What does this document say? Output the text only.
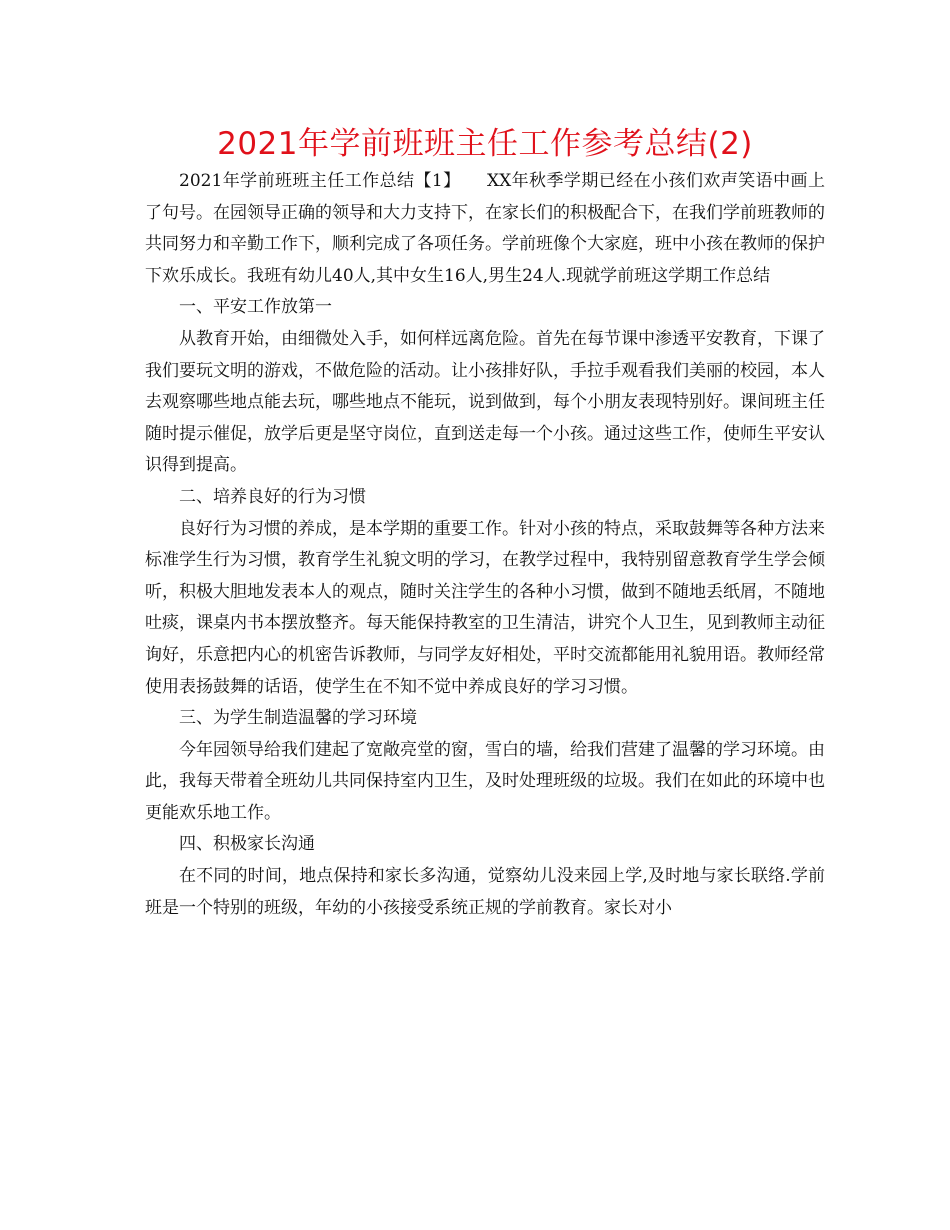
2021年学前班班主任工作参考总结(2)

2021年学前班班主任工作总结【1】　　XX年秋季学期已经在小孩们欢声笑语中画上了句号。在园领导正确的领导和大力支持下，在家长们的积极配合下，在我们学前班教师的共同努力和辛勤工作下，顺利完成了各项任务。学前班像个大家庭，班中小孩在教师的保护下欢乐成长。我班有幼儿40人,其中女生16人,男生24人.现就学前班这学期工作总结

一、平安工作放第一

从教育开始，由细微处入手，如何样远离危险。首先在每节课中渗透平安教育，下课了我们要玩文明的游戏，不做危险的活动。让小孩排好队，手拉手观看我们美丽的校园，本人去观察哪些地点能去玩，哪些地点不能玩，说到做到，每个小朋友表现特别好。课间班主任随时提示催促，放学后更是坚守岗位，直到送走每一个小孩。通过这些工作，使师生平安认识得到提高。

二、培养良好的行为习惯

良好行为习惯的养成，是本学期的重要工作。针对小孩的特点，采取鼓舞等各种方法来标准学生行为习惯，教育学生礼貌文明的学习，在教学过程中，我特别留意教育学生学会倾听，积极大胆地发表本人的观点，随时关注学生的各种小习惯，做到不随地丢纸屑，不随地吐痰，课桌内书本摆放整齐。每天能保持教室的卫生清洁，讲究个人卫生，见到教师主动征询好，乐意把内心的机密告诉教师，与同学友好相处，平时交流都能用礼貌用语。教师经常使用表扬鼓舞的话语，使学生在不知不觉中养成良好的学习习惯。

三、为学生制造温馨的学习环境

今年园领导给我们建起了宽敞亮堂的窗，雪白的墙，给我们营建了温馨的学习环境。由此，我每天带着全班幼儿共同保持室内卫生，及时处理班级的垃圾。我们在如此的环境中也更能欢乐地工作。

四、积极家长沟通

在不同的时间，地点保持和家长多沟通，觉察幼儿没来园上学,及时地与家长联络.学前班是一个特别的班级，年幼的小孩接受系统正规的学前教育。家长对小
